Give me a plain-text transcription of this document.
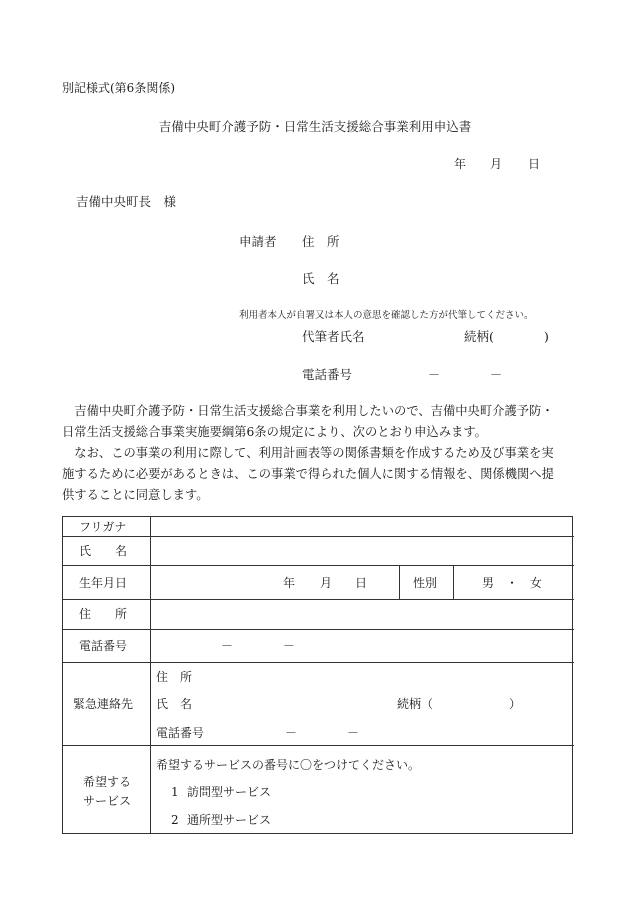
別記様式(第6条関係)
吉備中央町介護予防・日常生活支援総合事業利用申込書
年 月 日
吉備中央町長　様
申請者 住　所
氏　名
利用者本人が自署又は本人の意思を確認した方が代筆してください。
代筆者氏名	続柄(	)
電話番号	－	－
　吉備中央町介護予防・日常生活支援総合事業を利用したいので、吉備中央町介護予防・
日常生活支援総合事業実施要綱第6条の規定により、次のとおり申込みます。
　なお、この事業の利用に際して、利用計画表等の関係書類を作成するため及び事業を実
施するために必要があるときは、この事業で得られた個人に関する情報を、関係機関へ提
供することに同意します。
フリガナ
氏　　名
生年月日	年 月 日	性別	男　・　女
住　　所
電話番号	－	－
緊急連絡先
住　所
氏　名	続柄（	）
電話番号	－	－
希望する
サービス
希望するサービスの番号に〇をつけてください。
1 訪問型サービス
2 通所型サービス
